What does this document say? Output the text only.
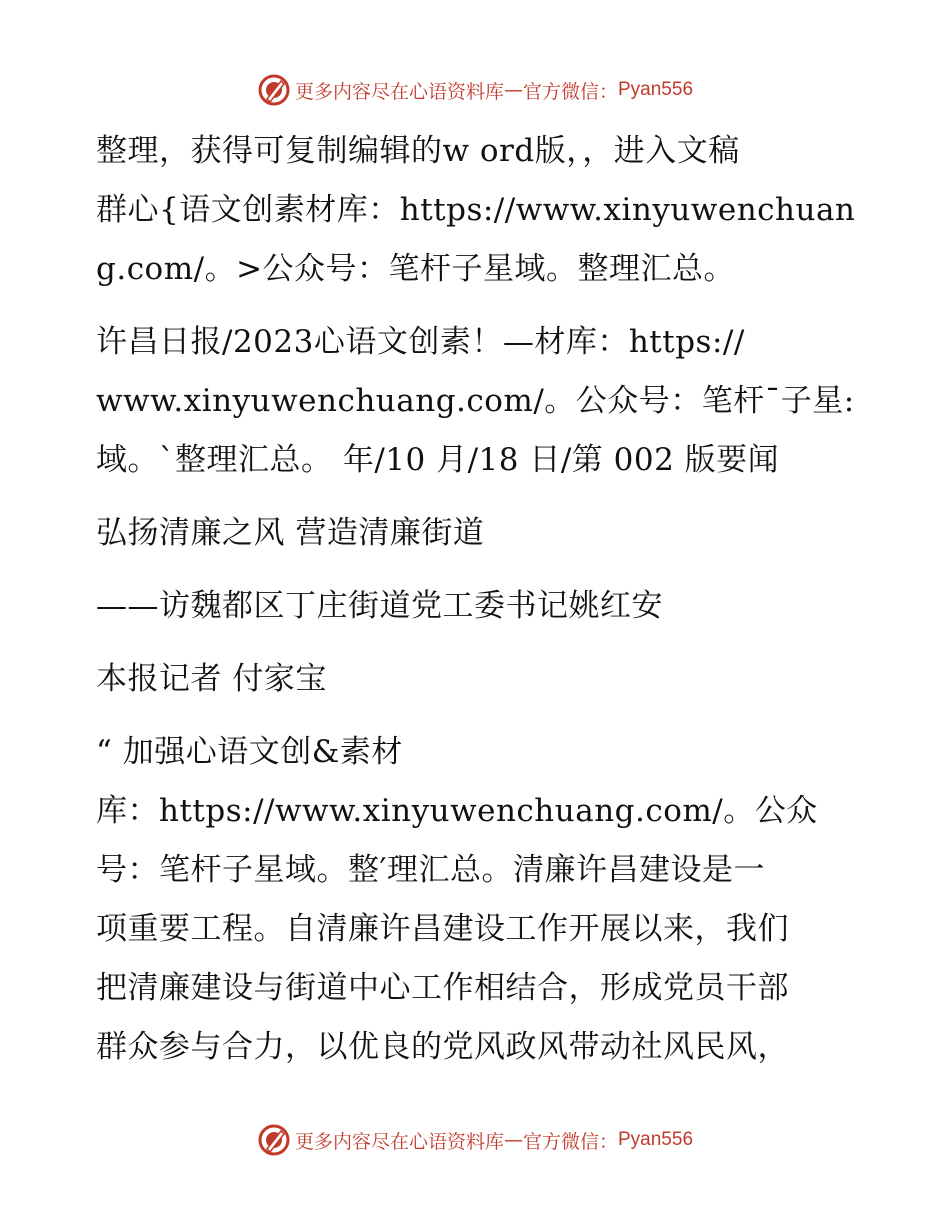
更多内容尽在心语资料库 — 官方微信： Pyan556
整理，获得可复制编辑的w ord版，，进入文稿
群心{语文创素材库：https://www.xinyuwenchuan
g.com/。>公众号：笔杆子星域。整理汇总。
许昌日报/2023心语文创素！—材库：https://
www.xinyuwenchuang.com/。公众号：笔杆¯子星:
域。`整理汇总。 年/10 月/18 日/第 002 版要闻
弘扬清廉之风 营造清廉街道
——访魏都区丁庄街道党工委书记姚红安
本报记者 付家宝
“ 加强心语文创&素材
库：https://www.xinyuwenchuang.com/。公众
号：笔杆子星域。整′理汇总。清廉许昌建设是一
项重要工程。自清廉许昌建设工作开展以来，我们
把清廉建设与街道中心工作相结合，形成党员干部
群众参与合力，以优良的党风政风带动社风民风，
更多内容尽在心语资料库 — 官方微信： Pyan556
